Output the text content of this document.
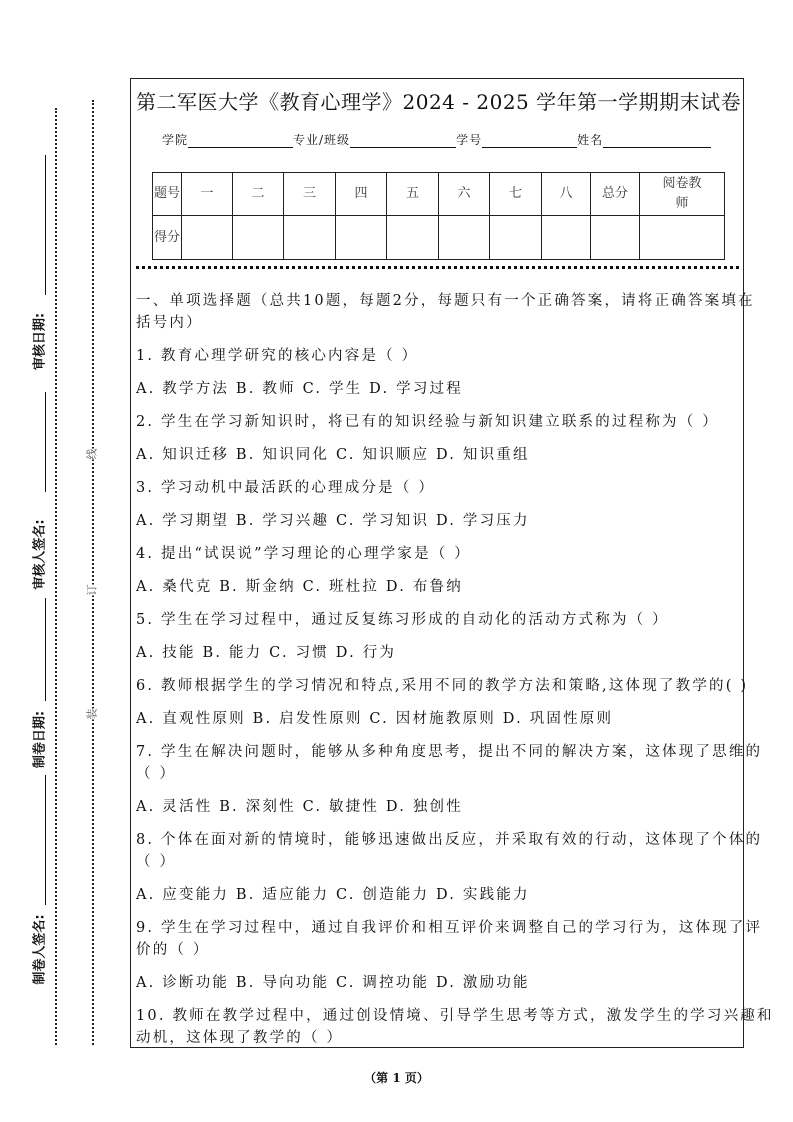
审核日期:
审核人签名:
制卷日期:
制卷人签名:
线
订
装
第二军医大学《教育心理学》2024 - 2025 学年第一学期期末试卷
学院	专业/班级	学号	姓名
题号	一	二	三	四	五	六	七	八	总分	阅卷教师
得分										
一、单项选择题（总共10题，每题2分，每题只有一个正确答案，请将正确答案填在
括号内）
1. 教育心理学研究的核心内容是（ ）
A. 教学方法 B. 教师 C. 学生 D. 学习过程
2. 学生在学习新知识时，将已有的知识经验与新知识建立联系的过程称为（ ）
A. 知识迁移 B. 知识同化 C. 知识顺应 D. 知识重组
3. 学习动机中最活跃的心理成分是（ ）
A. 学习期望 B. 学习兴趣 C. 学习知识 D. 学习压力
4. 提出“试误说”学习理论的心理学家是（ ）
A. 桑代克 B. 斯金纳 C. 班杜拉 D. 布鲁纳
5. 学生在学习过程中，通过反复练习形成的自动化的活动方式称为（ ）
A. 技能 B. 能力 C. 习惯 D. 行为
6. 教师根据学生的学习情况和特点,采用不同的教学方法和策略,这体现了教学的( )
A. 直观性原则 B. 启发性原则 C. 因材施教原则 D. 巩固性原则
7. 学生在解决问题时，能够从多种角度思考，提出不同的解决方案，这体现了思维的
（ ）
A. 灵活性 B. 深刻性 C. 敏捷性 D. 独创性
8. 个体在面对新的情境时，能够迅速做出反应，并采取有效的行动，这体现了个体的
（ ）
A. 应变能力 B. 适应能力 C. 创造能力 D. 实践能力
9. 学生在学习过程中，通过自我评价和相互评价来调整自己的学习行为，这体现了评
价的（ ）
A. 诊断功能 B. 导向功能 C. 调控功能 D. 激励功能
10. 教师在教学过程中，通过创设情境、引导学生思考等方式，激发学生的学习兴趣和
动机，这体现了教学的（ ）
（第 1 页）
